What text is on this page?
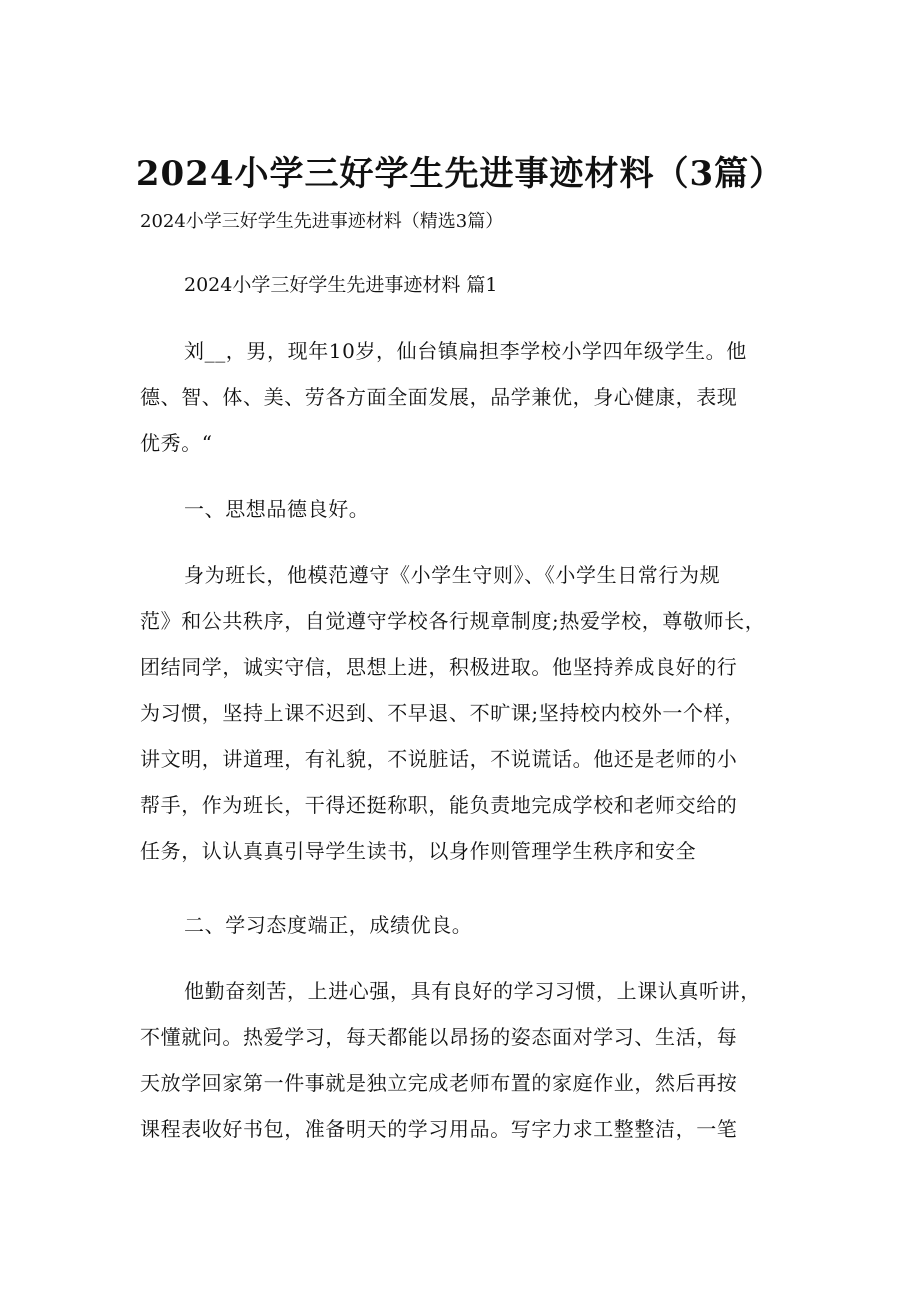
2024小学三好学生先进事迹材料（3篇）

2024小学三好学生先进事迹材料（精选3篇）

2024小学三好学生先进事迹材料 篇1

刘__，男，现年10岁，仙台镇扁担李学校小学四年级学生。他
德、智、体、美、劳各方面全面发展，品学兼优，身心健康，表现
优秀。“
一、思想品德良好。
身为班长，他模范遵守《小学生守则》、《小学生日常行为规
范》和公共秩序，自觉遵守学校各行规章制度;热爱学校，尊敬师长，
团结同学，诚实守信，思想上进，积极进取。他坚持养成良好的行
为习惯，坚持上课不迟到、不早退、不旷课;坚持校内校外一个样，
讲文明，讲道理，有礼貌，不说脏话，不说谎话。他还是老师的小
帮手，作为班长，干得还挺称职，能负责地完成学校和老师交给的
任务，认认真真引导学生读书，以身作则管理学生秩序和安全
二、学习态度端正，成绩优良。
他勤奋刻苦，上进心强，具有良好的学习习惯，上课认真听讲，
不懂就问。热爱学习，每天都能以昂扬的姿态面对学习、生活，每
天放学回家第一件事就是独立完成老师布置的家庭作业，然后再按
课程表收好书包，准备明天的学习用品。写字力求工整整洁，一笔
